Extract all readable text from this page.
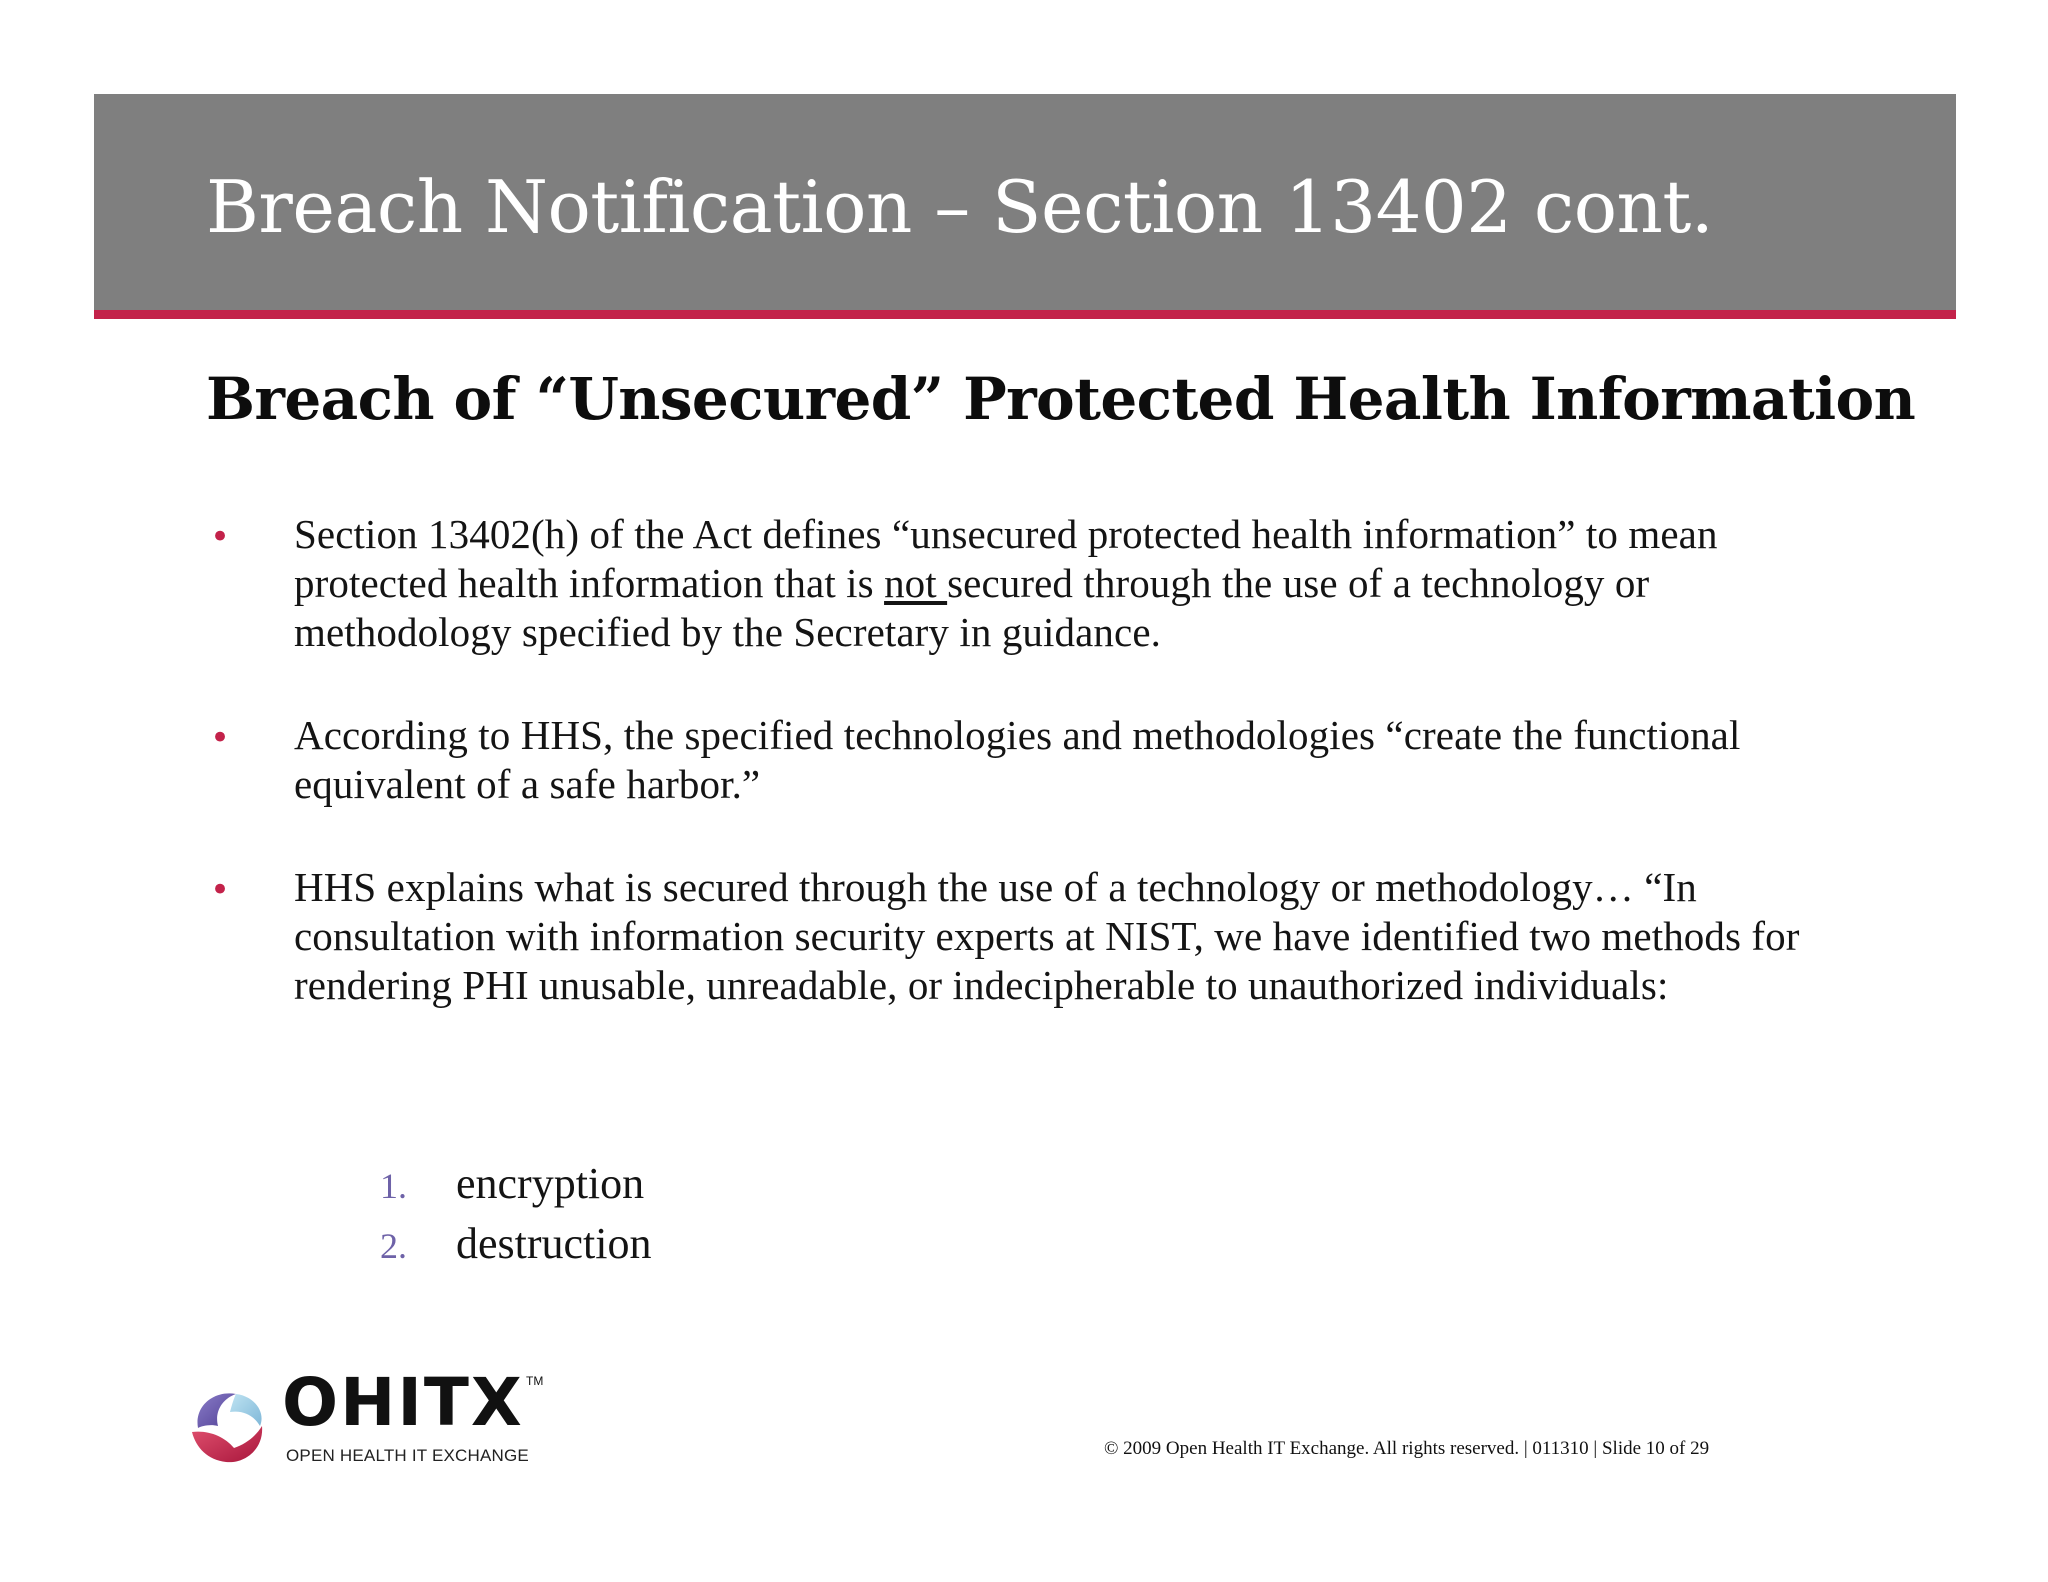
Breach Notification – Section 13402 cont.
Breach of “Unsecured” Protected Health Information
•	Section 13402(h) of the Act defines “unsecured protected health information” to mean protected health information that is not secured through the use of a technology or methodology specified by the Secretary in guidance.
•	According to HHS, the specified technologies and methodologies “create the functional equivalent of a safe harbor.”
•	HHS explains what is secured through the use of a technology or methodology… “In consultation with information security experts at NIST, we have identified two methods for rendering PHI unusable, unreadable, or indecipherable to unauthorized individuals:
1.	encryption
2.	destruction
OHITX TM
OPEN HEALTH IT EXCHANGE	© 2009 Open Health IT Exchange. All rights reserved. | 011310 | Slide 10 of 29
